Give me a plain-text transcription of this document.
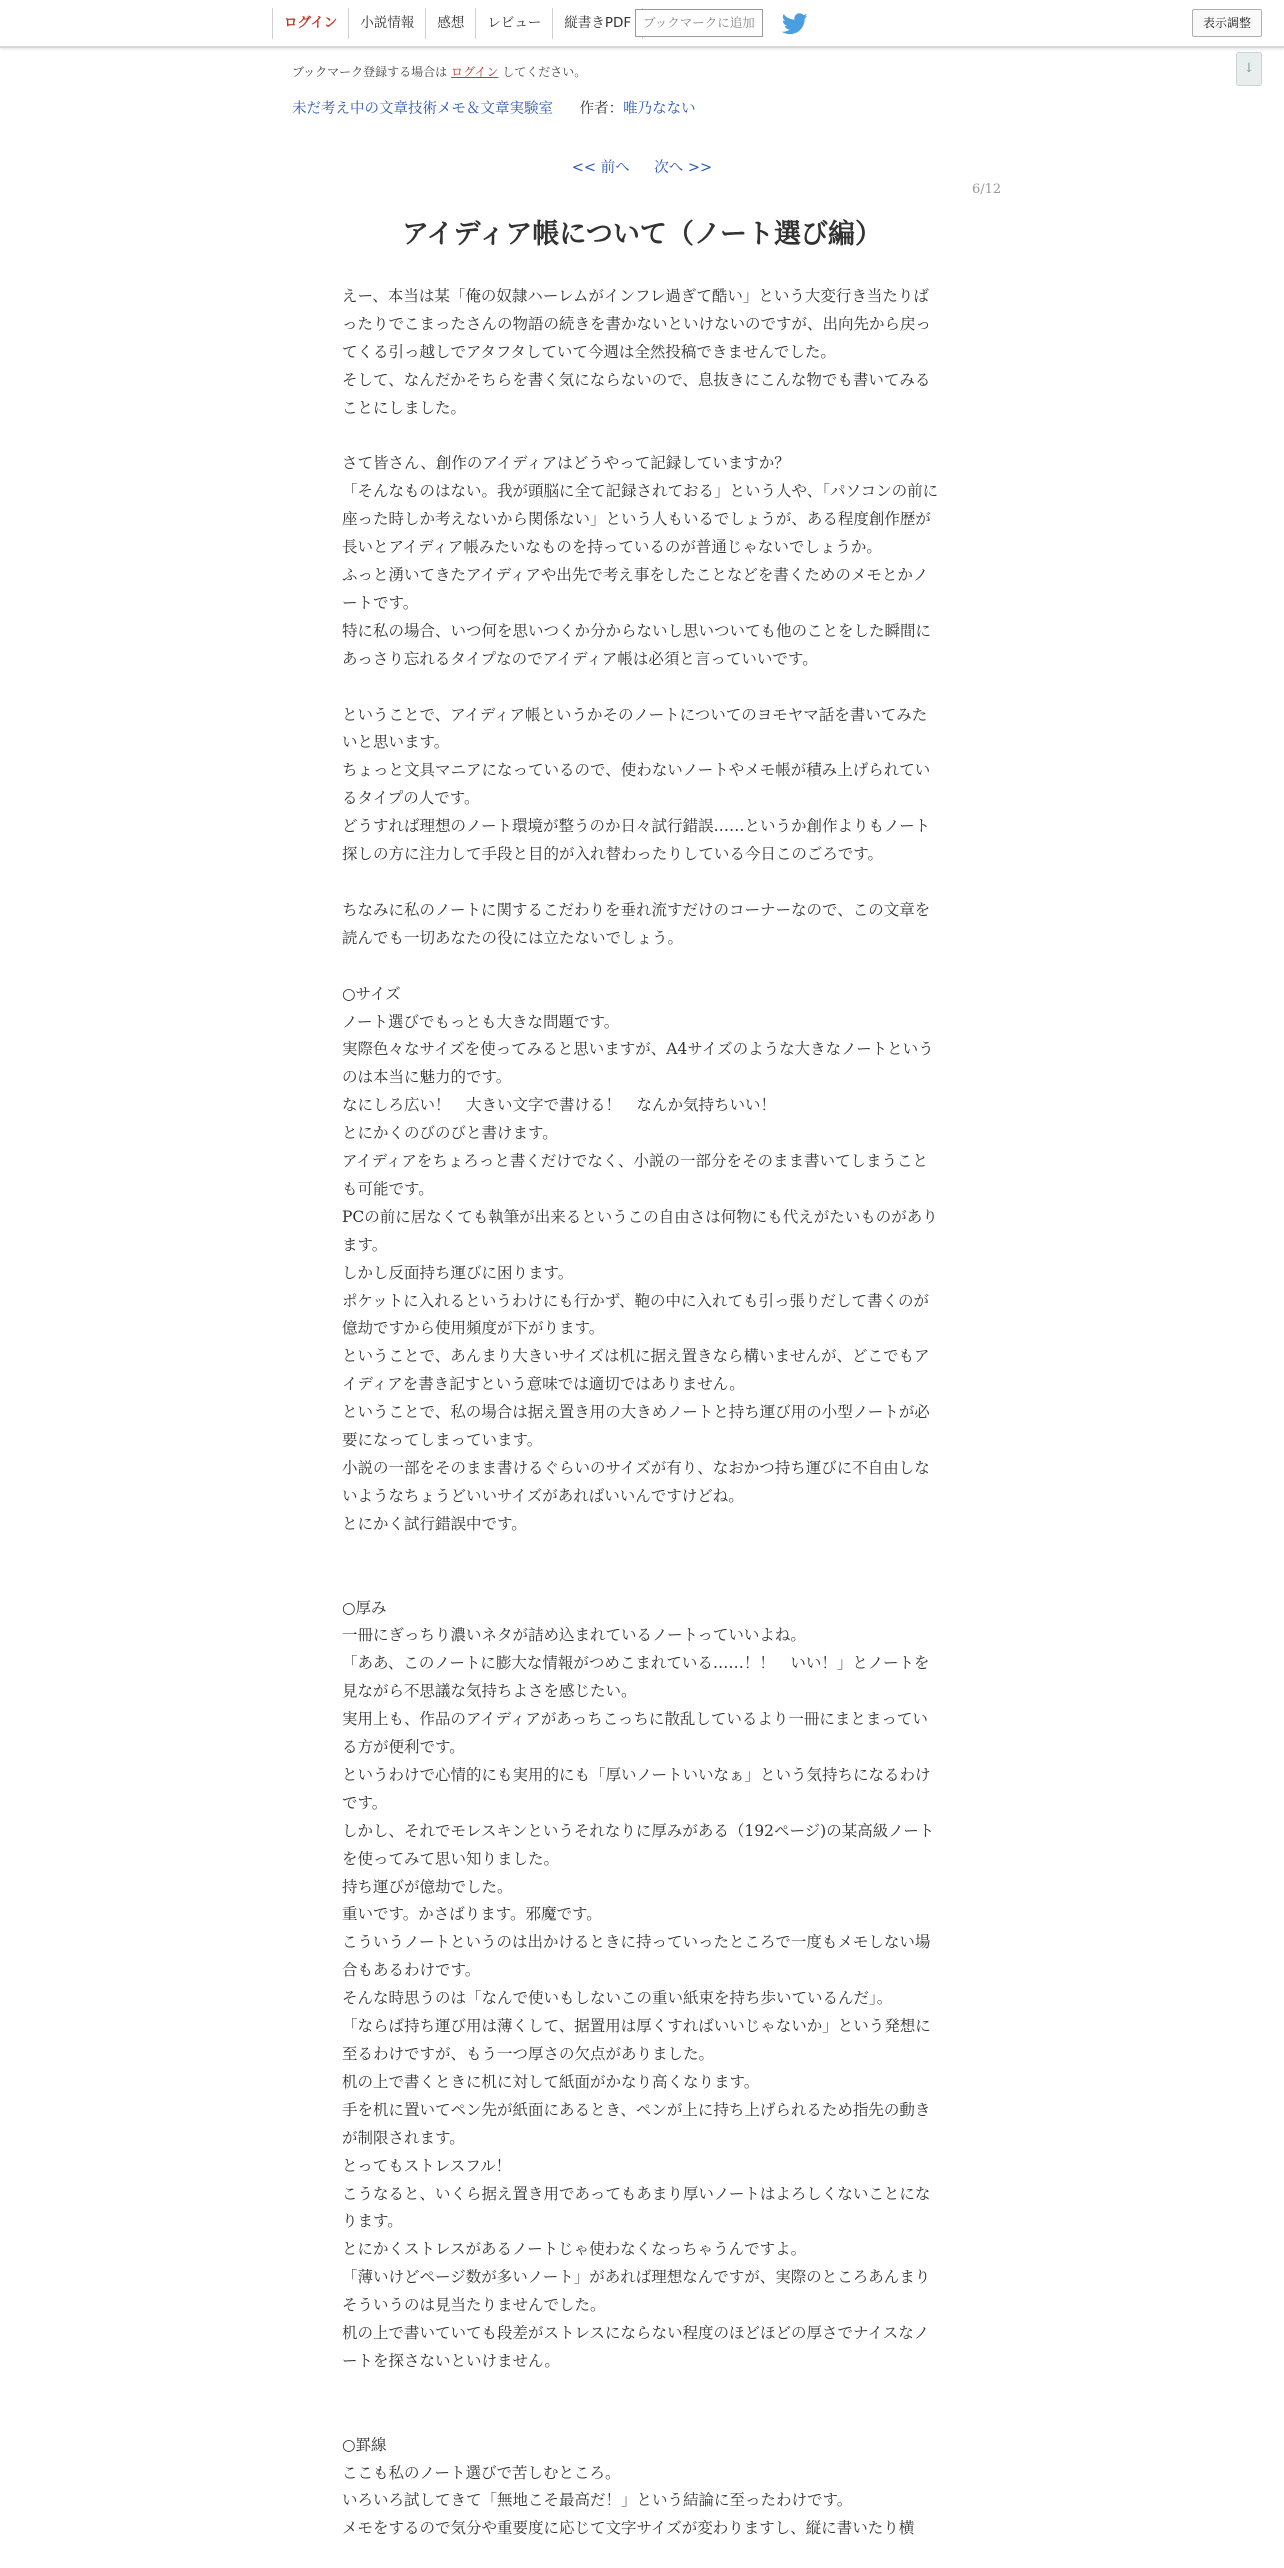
ログイン	小説情報	感想	レビュー	縦書きPDF ブックマークに追加	表示調整
↓
ブックマーク登録する場合は ログイン してください。
未だ考え中の文章技術メモ＆文章実験室 作者：唯乃なない
<< 前へ 次へ >>
6/12
アイディア帳について（ノート選び編）

えー、本当は某「俺の奴隷ハーレムがインフレ過ぎて酷い」という大変行き当たりばったりでこまったさんの物語の続きを書かないといけないのですが、出向先から戻ってくる引っ越しでアタフタしていて今週は全然投稿できませんでした。

そして、なんだかそちらを書く気にならないので、息抜きにこんな物でも書いてみることにしました。

さて皆さん、創作のアイディアはどうやって記録していますか？

「そんなものはない。我が頭脳に全て記録されておる」という人や、「パソコンの前に座った時しか考えないから関係ない」という人もいるでしょうが、ある程度創作歴が長いとアイディア帳みたいなものを持っているのが普通じゃないでしょうか。

ふっと湧いてきたアイディアや出先で考え事をしたことなどを書くためのメモとかノートです。

特に私の場合、いつ何を思いつくか分からないし思いついても他のことをした瞬間にあっさり忘れるタイプなのでアイディア帳は必須と言っていいです。

ということで、アイディア帳というかそのノートについてのヨモヤマ話を書いてみたいと思います。

ちょっと文具マニアになっているので、使わないノートやメモ帳が積み上げられているタイプの人です。

どうすれば理想のノート環境が整うのか日々試行錯誤……というか創作よりもノート探しの方に注力して手段と目的が入れ替わったりしている今日このごろです。

ちなみに私のノートに関するこだわりを垂れ流すだけのコーナーなので、この文章を読んでも一切あなたの役には立たないでしょう。

○サイズ

ノート選びでもっとも大きな問題です。

実際色々なサイズを使ってみると思いますが、A4サイズのような大きなノートというのは本当に魅力的です。

なにしろ広い！　大きい文字で書ける！　なんか気持ちいい！

とにかくのびのびと書けます。

アイディアをちょろっと書くだけでなく、小説の一部分をそのまま書いてしまうことも可能です。

PCの前に居なくても執筆が出来るというこの自由さは何物にも代えがたいものがあります。

しかし反面持ち運びに困ります。

ポケットに入れるというわけにも行かず、鞄の中に入れても引っ張りだして書くのが億劫ですから使用頻度が下がります。

ということで、あんまり大きいサイズは机に据え置きなら構いませんが、どこでもアイディアを書き記すという意味では適切ではありません。

ということで、私の場合は据え置き用の大きめノートと持ち運び用の小型ノートが必要になってしまっています。

小説の一部をそのまま書けるぐらいのサイズが有り、なおかつ持ち運びに不自由しないようなちょうどいいサイズがあればいいんですけどね。

とにかく試行錯誤中です。

○厚み

一冊にぎっちり濃いネタが詰め込まれているノートっていいよね。

「ああ、このノートに膨大な情報がつめこまれている……！！　いい！」とノートを見ながら不思議な気持ちよさを感じたい。

実用上も、作品のアイディアがあっちこっちに散乱しているより一冊にまとまっている方が便利です。

というわけで心情的にも実用的にも「厚いノートいいなぁ」という気持ちになるわけです。

しかし、それでモレスキンというそれなりに厚みがある（192ページ)の某高級ノートを使ってみて思い知りました。

持ち運びが億劫でした。

重いです。かさばります。邪魔です。

こういうノートというのは出かけるときに持っていったところで一度もメモしない場合もあるわけです。

そんな時思うのは「なんで使いもしないこの重い紙束を持ち歩いているんだ」。

「ならば持ち運び用は薄くして、据置用は厚くすればいいじゃないか」という発想に至るわけですが、もう一つ厚さの欠点がありました。

机の上で書くときに机に対して紙面がかなり高くなります。

手を机に置いてペン先が紙面にあるとき、ペンが上に持ち上げられるため指先の動きが制限されます。

とってもストレスフル！

こうなると、いくら据え置き用であってもあまり厚いノートはよろしくないことになります。

とにかくストレスがあるノートじゃ使わなくなっちゃうんですよ。

「薄いけどページ数が多いノート」があれば理想なんですが、実際のところあんまりそういうのは見当たりませんでした。

机の上で書いていても段差がストレスにならない程度のほどほどの厚さでナイスなノートを探さないといけません。

○罫線

ここも私のノート選びで苦しむところ。

いろいろ試してきて「無地こそ最高だ！」という結論に至ったわけです。

メモをするので気分や重要度に応じて文字サイズが変わりますし、縦に書いたり横
